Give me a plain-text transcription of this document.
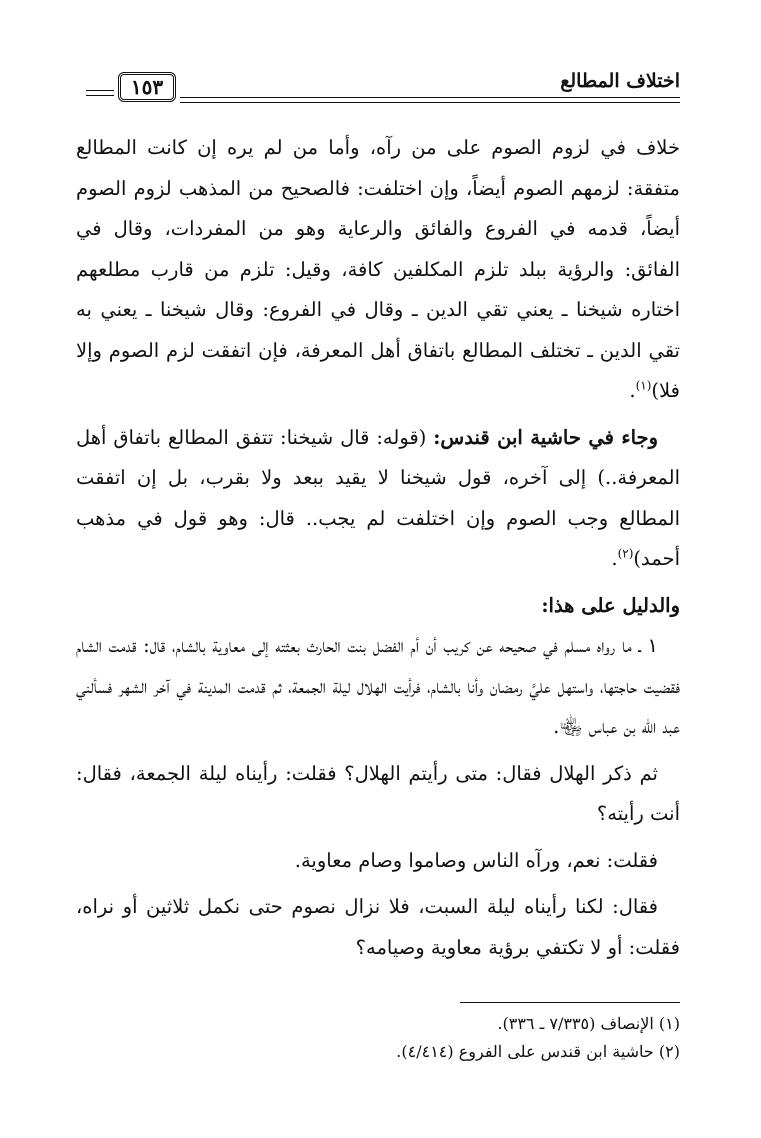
١٥٣	اختلاف المطالع

خلاف في لزوم الصوم على من رآه، وأما من لم يره إن كانت المطالع متفقة: لزمهم الصوم أيضاً، وإن اختلفت: فالصحيح من المذهب لزوم الصوم أيضاً، قدمه في الفروع والفائق والرعاية وهو من المفردات، وقال في الفائق: والرؤية ببلد تلزم المكلفين كافة، وقيل: تلزم من قارب مطلعهم اختاره شيخنا ـ يعني تقي الدين ـ وقال في الفروع: وقال شيخنا ـ يعني به تقي الدين ـ تختلف المطالع باتفاق أهل المعرفة، فإن اتفقت لزم الصوم وإلا فلا)$^{(١)}$.

وجاء في حاشية ابن قندس: (قوله: قال شيخنا: تتفق المطالع باتفاق أهل المعرفة..) إلى آخره، قول شيخنا لا يقيد ببعد ولا بقرب، بل إن اتفقت المطالع وجب الصوم وإن اختلفت لم يجب.. قال: وهو قول في مذهب أحمد)$^{(٢)}$.

والدليل على هذا:

١ ـ ما رواه مسلم في صحيحه عن كريب أن أم الفضل بنت الحارث بعثته إلى معاوية بالشام، قال: قدمت الشام فقضيت حاجتها، واستهل عليَّ رمضان وأنا بالشام، فرأيت الهلال ليلة الجمعة، ثم قدمت المدينة في آخر الشهر فسألني عبد الله بن عباس ﵄.

ثم ذكر الهلال فقال: متى رأيتم الهلال؟ فقلت: رأيناه ليلة الجمعة، فقال: أنت رأيته؟

فقلت: نعم، ورآه الناس وصاموا وصام معاوية.

فقال: لكنا رأيناه ليلة السبت، فلا نزال نصوم حتى نكمل ثلاثين أو نراه، فقلت: أو لا تكتفي برؤية معاوية وصيامه؟

(١) الإنصاف (٧/٣٣٥ ـ ٣٣٦).
(٢) حاشية ابن قندس على الفروع (٤/٤١٤).
